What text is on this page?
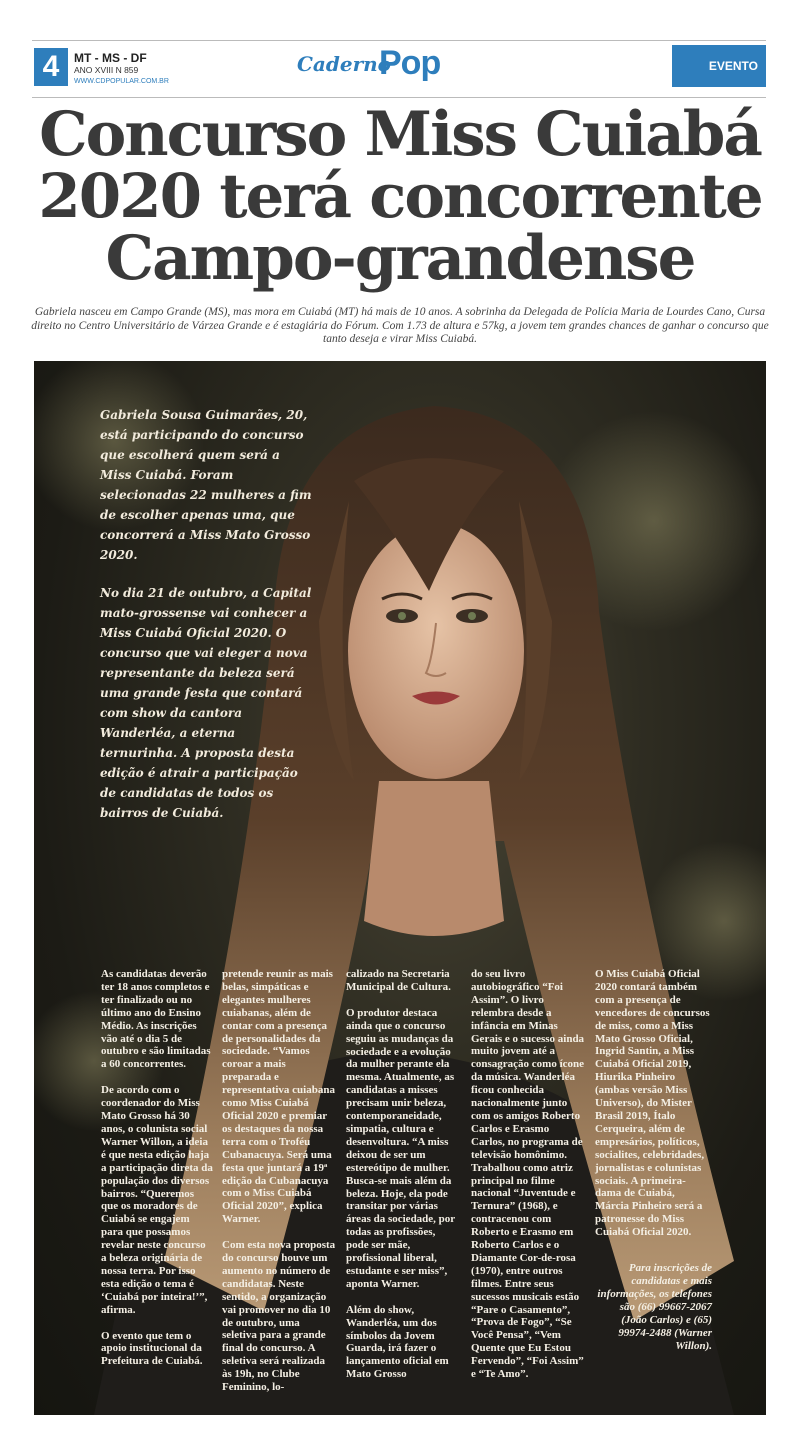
4	MT - MS - DF
ANO XVIII N 859
WWW.CDPOPULAR.COM.BR
Caderno
Pop	EVENTO
Concurso Miss Cuiabá
2020 terá concorrente
Campo-grandense

Gabriela nasceu em Campo Grande (MS), mas mora em Cuiabá (MT) há mais de 10 anos. A sobrinha da Delegada de Polícia Maria de Lourdes Cano, Cursa direito no Centro Universitário de Várzea Grande e é estagiária do Fórum. Com 1.73 de altura e 57kg, a jovem tem grandes chances de ganhar o concurso que tanto deseja e virar Miss Cuiabá.

Gabriela Sousa Guimarães, 20, está participando do concurso que escolherá quem será a Miss Cuiabá. Foram selecionadas 22 mulheres a fim de escolher apenas uma, que concorrerá a Miss Mato Grosso 2020.

No dia 21 de outubro, a Capital mato-grossense vai conhecer a Miss Cuiabá Oficial 2020. O concurso que vai eleger a nova representante da beleza será uma grande festa que contará com show da cantora Wanderléa, a eterna ternurinha. A proposta desta edição é atrair a participação de candidatas de todos os bairros de Cuiabá.

As candidatas deverão ter 18 anos completos e ter finalizado ou no último ano do Ensino Médio. As inscrições vão até o dia 5 de outubro e são limitadas a 60 concorrentes.

De acordo com o coordenador do Miss Mato Grosso há 30 anos, o colunista social Warner Willon, a ideia é que nesta edição haja a participação direta da população dos diversos bairros. “Queremos que os moradores de Cuiabá se engajem para que possamos revelar neste concurso a beleza originária de nossa terra. Por isso esta edição o tema é ‘Cuiabá por inteira!’”, afirma.

O evento que tem o apoio institucional da Prefeitura de Cuiabá.

pretende reunir as mais belas, simpáticas e elegantes mulheres cuiabanas, além de contar com a presença de personalidades da sociedade. “Vamos coroar a mais preparada e representativa cuiabana como Miss Cuiabá Oficial 2020 e premiar os destaques da nossa terra com o Troféu Cubanacuya. Será uma festa que juntará a 19ª edição da Cubanacuya com o Miss Cuiabá Oficial 2020”, explica Warner.

Com esta nova proposta do concurso houve um aumento no número de candidatas. Neste sentido, a organização vai promover no dia 10 de outubro, uma seletiva para a grande final do concurso. A seletiva será realizada às 19h, no Clube Feminino, lo-

calizado na Secretaria Municipal de Cultura.

O produtor destaca ainda que o concurso seguiu as mudanças da sociedade e a evolução da mulher perante ela mesma. Atualmente, as candidatas a misses precisam unir beleza, contemporaneidade, simpatia, cultura e desenvoltura. “A miss deixou de ser um estereótipo de mulher. Busca-se mais além da beleza. Hoje, ela pode transitar por várias áreas da sociedade, por todas as profissões, pode ser mãe, profissional liberal, estudante e ser miss”, aponta Warner.

Além do show, Wanderléa, um dos símbolos da Jovem Guarda, irá fazer o lançamento oficial em Mato Grosso

do seu livro autobiográfico “Foi Assim”. O livro relembra desde a infância em Minas Gerais e o sucesso ainda muito jovem até a consagração como ícone da música. Wanderléa ficou conhecida nacionalmente junto com os amigos Roberto Carlos e Erasmo Carlos, no programa de televisão homônimo. Trabalhou como atriz principal no filme nacional “Juventude e Ternura” (1968), e contracenou com Roberto e Erasmo em Roberto Carlos e o Diamante Cor-de-rosa (1970), entre outros filmes. Entre seus sucessos musicais estão “Pare o Casamento”, “Prova de Fogo”, “Se Você Pensa”, “Vem Quente que Eu Estou Fervendo”, “Foi Assim” e “Te Amo”.

O Miss Cuiabá Oficial 2020 contará também com a presença de vencedores de concursos de miss, como a Miss Mato Grosso Oficial, Ingrid Santin, a Miss Cuiabá Oficial 2019, Hiurika Pinheiro (ambas versão Miss Universo), do Mister Brasil 2019, Ítalo Cerqueira, além de empresários, políticos, socialites, celebridades, jornalistas e colunistas sociais. A primeira-dama de Cuiabá, Márcia Pinheiro será a patronesse do Miss Cuiabá Oficial 2020.

Para inscrições de candidatas e mais informações, os telefones são (66) 99667-2067 (João Carlos) e (65) 99974-2488 (Warner Willon).
